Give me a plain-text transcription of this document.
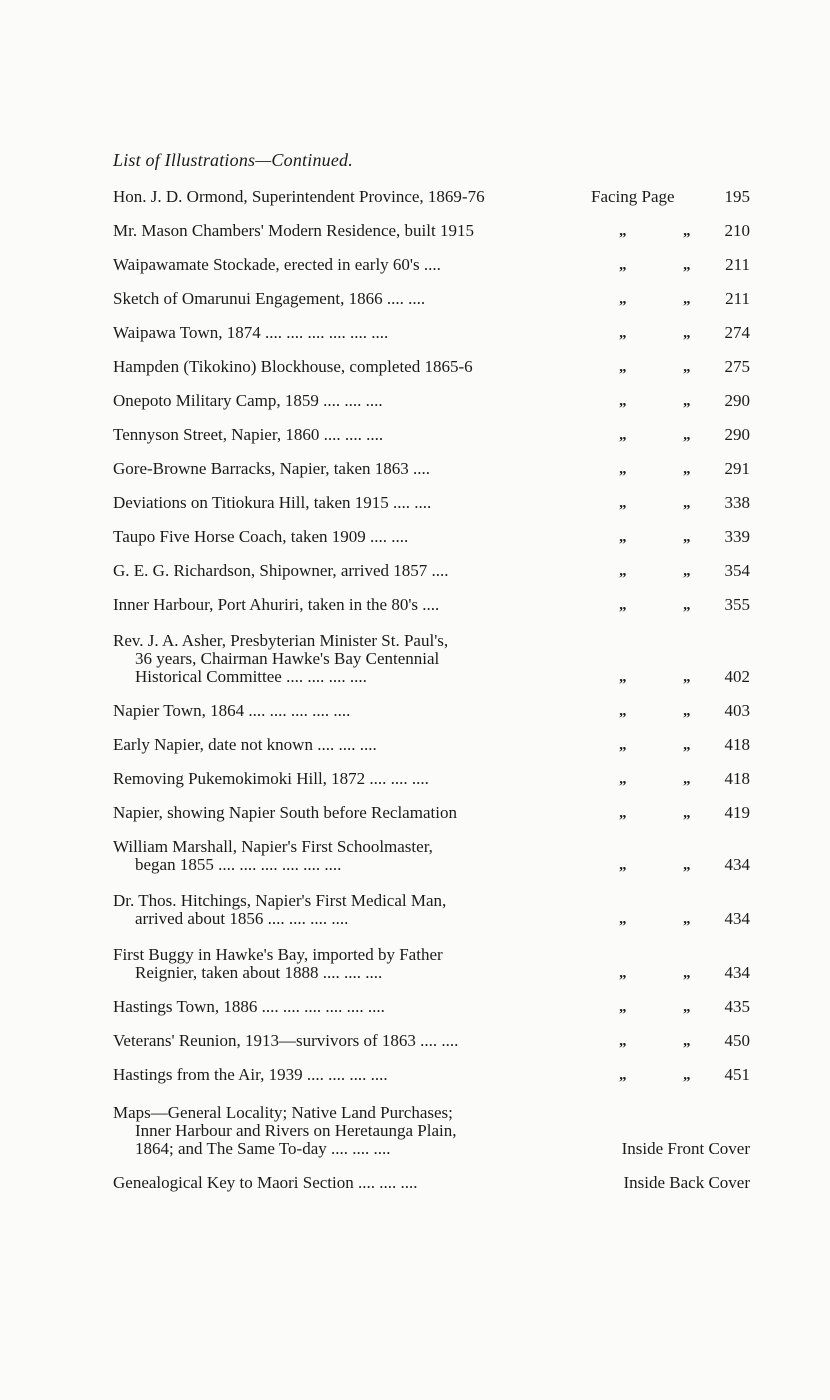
List of Illustrations—Continued.
Hon. J. D. Ormond, Superintendent Province, 1869-76	Facing Page	195
Mr. Mason Chambers' Modern Residence, built 1915	„	„	210
Waipawamate Stockade, erected in early 60's ....	„	„	211
Sketch of Omarunui Engagement, 1866 .... ....	„	„	211
Waipawa Town, 1874 .... .... .... .... .... ....	„	„	274
Hampden (Tikokino) Blockhouse, completed 1865-6	„	„	275
Onepoto Military Camp, 1859 .... .... ....	„	„	290
Tennyson Street, Napier, 1860 .... .... ....	„	„	290
Gore-Browne Barracks, Napier, taken 1863 ....	„	„	291
Deviations on Titiokura Hill, taken 1915 .... ....	„	„	338
Taupo Five Horse Coach, taken 1909 .... ....	„	„	339
G. E. G. Richardson, Shipowner, arrived 1857 ....	„	„	354
Inner Harbour, Port Ahuriri, taken in the 80's ....	„	„	355
Rev. J. A. Asher, Presbyterian Minister St. Paul's,
36 years, Chairman Hawke's Bay Centennial
Historical Committee .... .... .... ....	„	„	402
Napier Town, 1864 .... .... .... .... ....	„	„	403
Early Napier, date not known .... .... ....	„	„	418
Removing Pukemokimoki Hill, 1872 .... .... ....	„	„	418
Napier, showing Napier South before Reclamation	„	„	419
William Marshall, Napier's First Schoolmaster,
began 1855 .... .... .... .... .... ....	„	„	434
Dr. Thos. Hitchings, Napier's First Medical Man,
arrived about 1856 .... .... .... ....	„	„	434
First Buggy in Hawke's Bay, imported by Father
Reignier, taken about 1888 .... .... ....	„	„	434
Hastings Town, 1886 .... .... .... .... .... ....	„	„	435
Veterans' Reunion, 1913—survivors of 1863 .... ....	„	„	450
Hastings from the Air, 1939 .... .... .... ....	„	„	451
Maps—General Locality; Native Land Purchases;
Inner Harbour and Rivers on Heretaunga Plain,
1864; and The Same To-day .... .... ....	Inside Front Cover
Genealogical Key to Maori Section .... .... ....	Inside Back Cover
